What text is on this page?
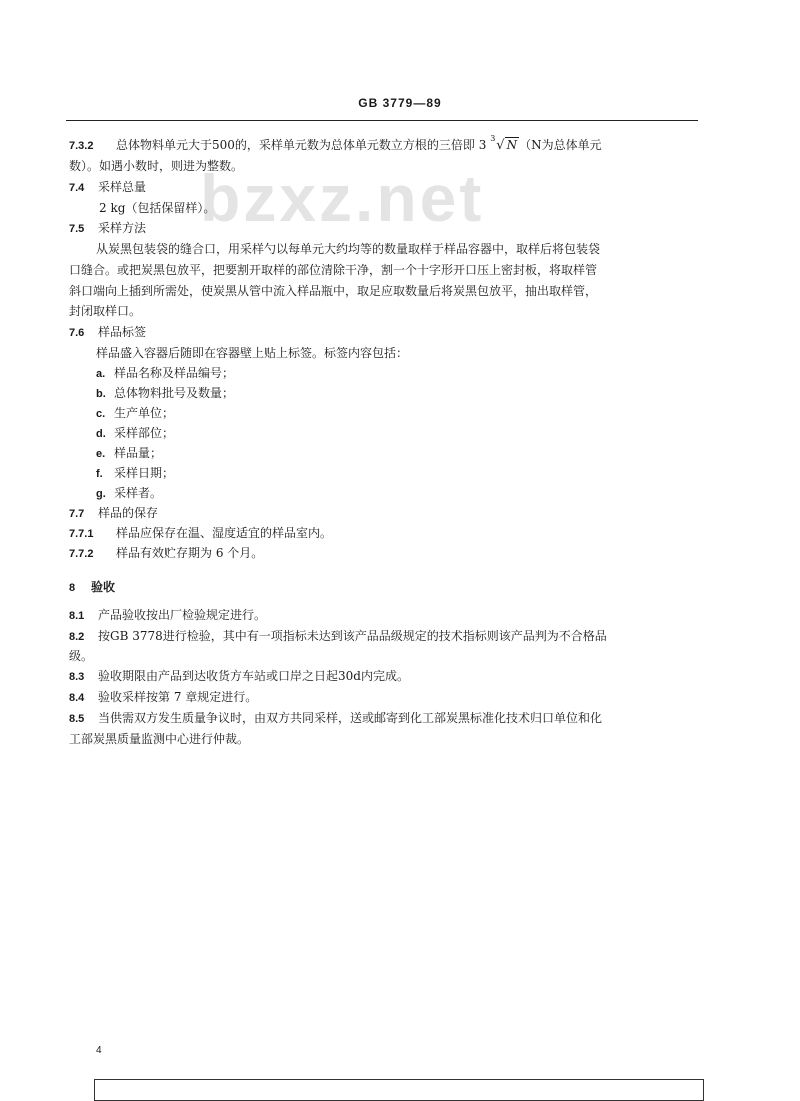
GB 3779—89
bzxz.net
7.3.2 总体物料单元大于500的，采样单元数为总体单元数立方根的三倍即 3 $^3$√ N （N为总体单元
数）。如遇小数时，则进为整数。
7.4 采样总量
2 kg（包括保留样）。
7.5 采样方法
从炭黑包装袋的缝合口，用采样勺以每单元大约均等的数量取样于样品容器中，取样后将包装袋
口缝合。或把炭黑包放平，把要割开取样的部位清除干净，割一个十字形开口压上密封板，将取样管
斜口端向上插到所需处，使炭黑从管中流入样品瓶中，取足应取数量后将炭黑包放平，抽出取样管，
封闭取样口。
7.6 样品标签
样品盛入容器后随即在容器壁上贴上标签。标签内容包括：
a. 样品名称及样品编号；
b. 总体物料批号及数量；
c. 生产单位；
d. 采样部位；
e. 样品量；
f. 采样日期；
g. 采样者。
7.7 样品的保存
7.7.1 样品应保存在温、湿度适宜的样品室内。
7.7.2 样品有效贮存期为 6 个月。
8 验收
8.1 产品验收按出厂检验规定进行。
8.2 按GB 3778进行检验，其中有一项指标未达到该产品品级规定的技术指标则该产品判为不合格品
级。
8.3 验收期限由产品到达收货方车站或口岸之日起30d内完成。
8.4 验收采样按第 7 章规定进行。
8.5 当供需双方发生质量争议时，由双方共同采样，送或邮寄到化工部炭黑标准化技术归口单位和化
工部炭黑质量监测中心进行仲裁。
4
